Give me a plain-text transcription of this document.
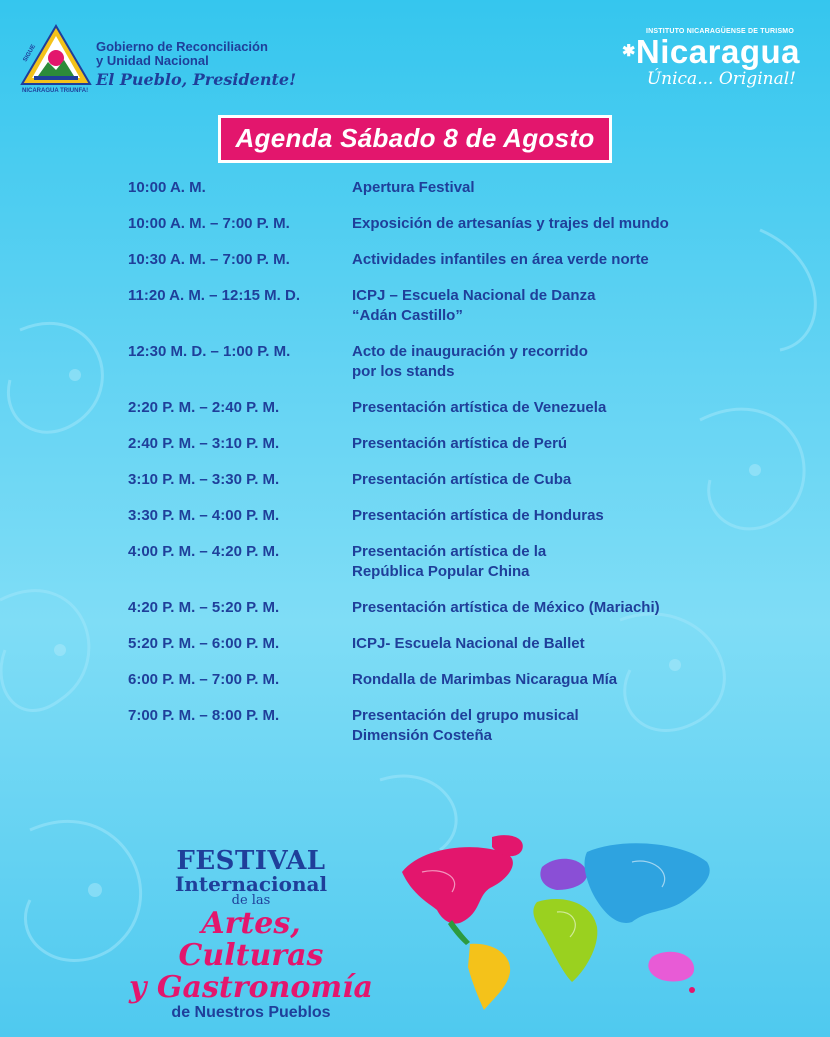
SIGUE
NICARAGUA TRIUNFA!
Gobierno de Reconciliación
y Unidad Nacional
El Pueblo, Presidente!
INSTITUTO NICARAGÜENSE DE TURISMO
✱Nicaragua
Única... Original!
Agenda Sábado 8 de Agosto
10:00 A. M.	Apertura Festival
10:00 A. M. – 7:00 P. M.	Exposición de artesanías y trajes del mundo
10:30 A. M. – 7:00 P. M.	Actividades infantiles en área verde norte
11:20 A. M. – 12:15 M. D.	ICPJ – Escuela Nacional de Danza
“Adán Castillo”
12:30 M. D. – 1:00 P. M.	Acto de inauguración y recorrido
por los stands
2:20 P. M. – 2:40 P. M.	Presentación artística de Venezuela
2:40 P. M. – 3:10 P. M.	Presentación artística de Perú
3:10 P. M. – 3:30 P. M.	Presentación artística de Cuba
3:30 P. M. – 4:00 P. M.	Presentación artística de Honduras
4:00 P. M. – 4:20 P. M.	Presentación artística de la
República Popular China
4:20 P. M. – 5:20 P. M.	Presentación artística de México (Mariachi)
5:20 P. M. – 6:00 P. M.	ICPJ- Escuela Nacional de Ballet
6:00 P. M. – 7:00 P. M.	Rondalla de Marimbas Nicaragua Mía
7:00 P. M. – 8:00 P. M.	Presentación del grupo musical
Dimensión Costeña
FESTIVAL
Internacional
de las
Artes, Culturas
y Gastronomía
de Nuestros Pueblos
